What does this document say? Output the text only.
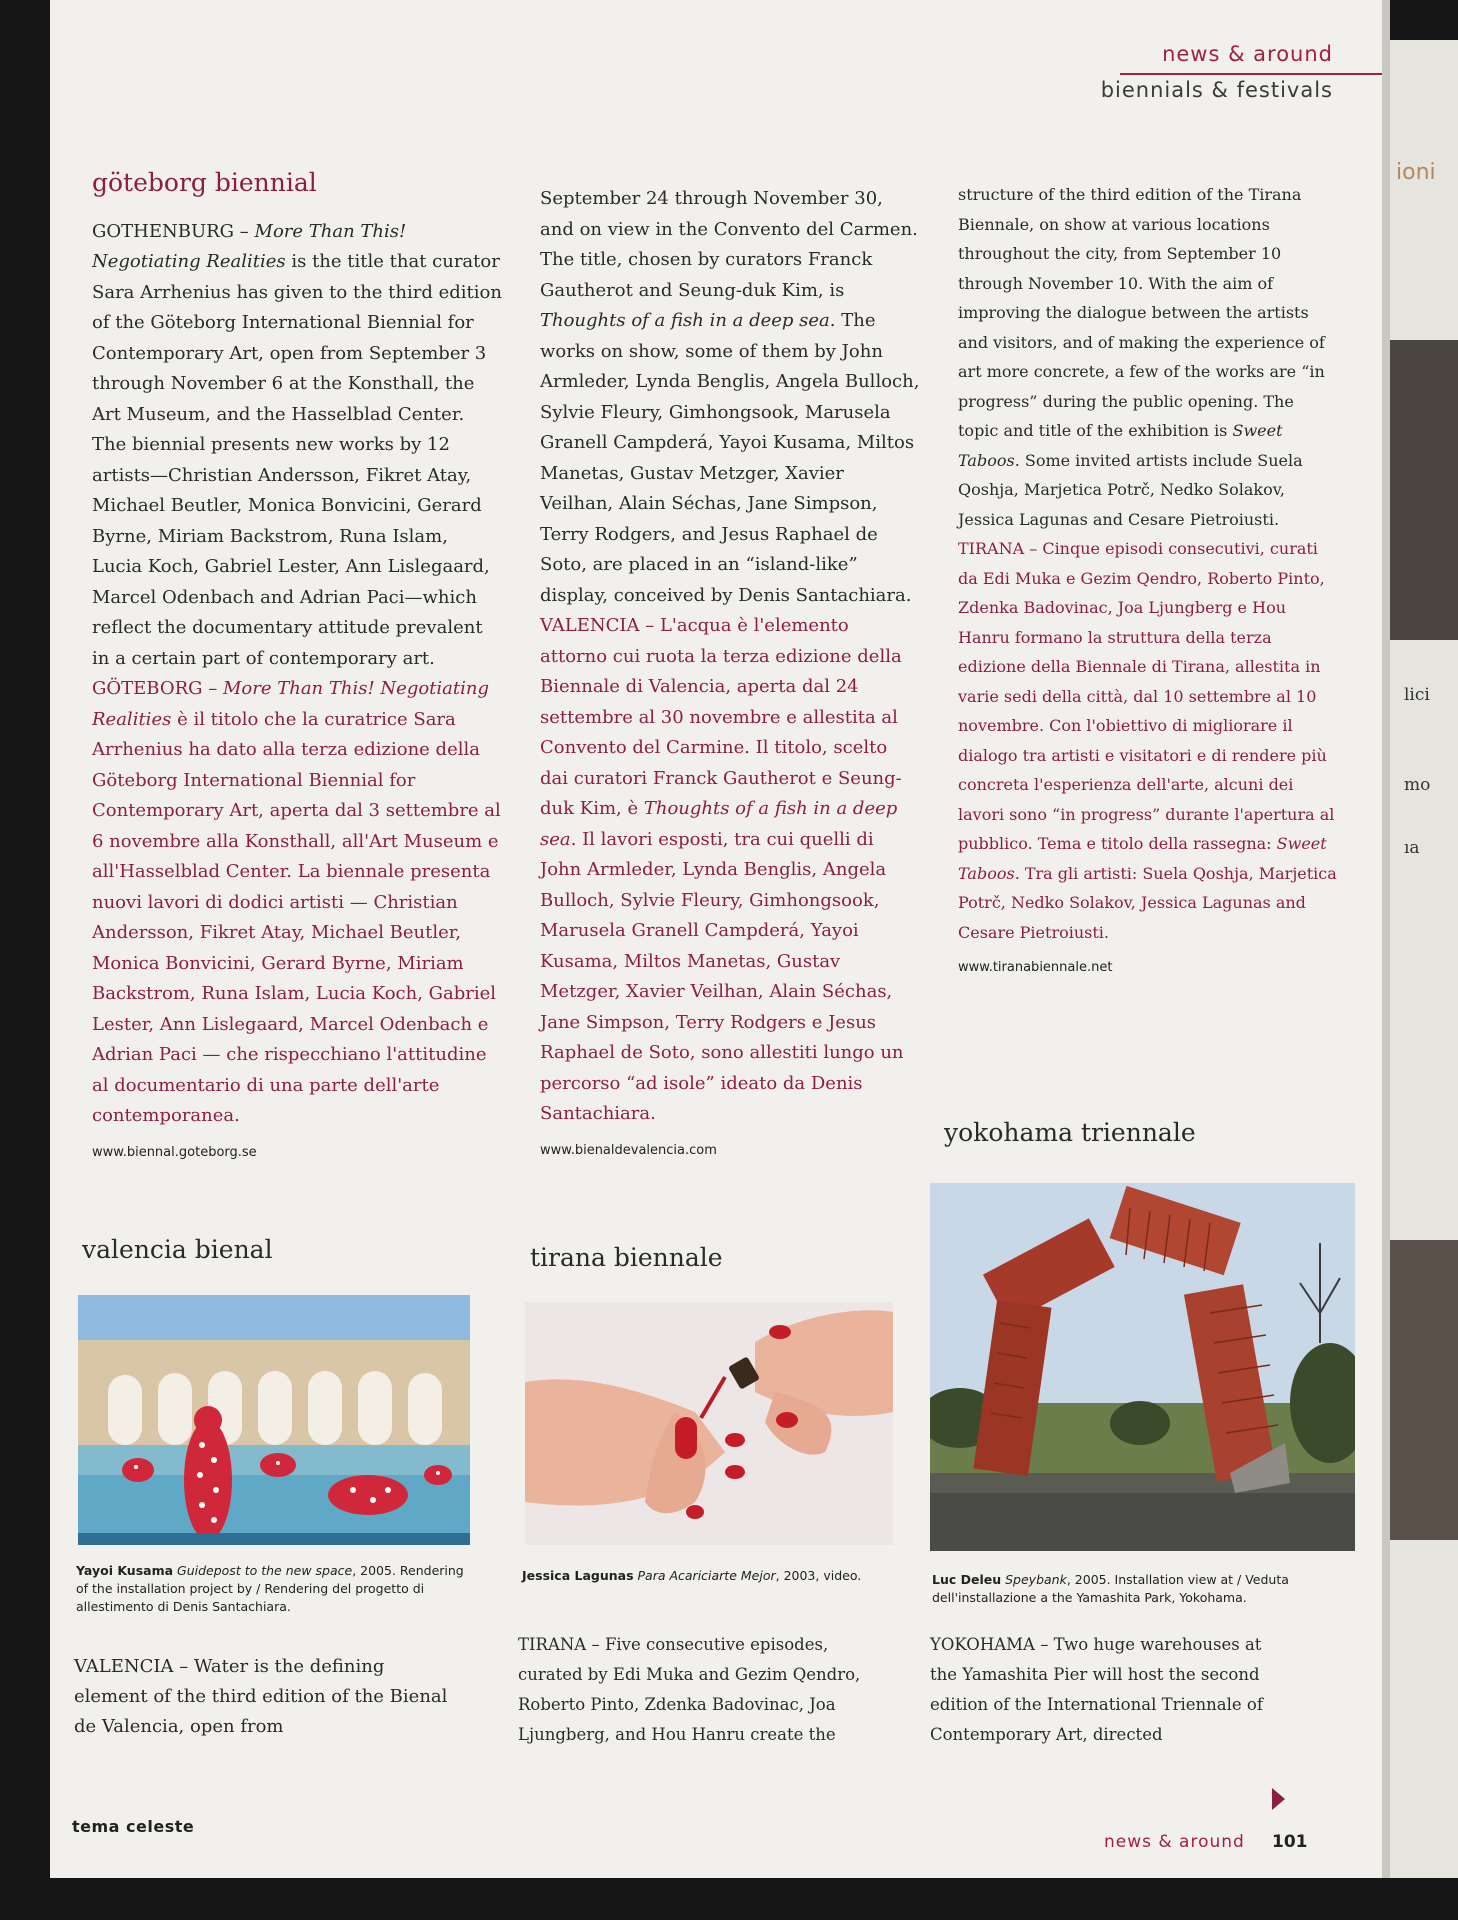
ioni
lici
mo
ıa
news & around
biennials & festivals
göteborg biennial

GOTHENBURG – More Than This! Negotiating Realities is the title that curator Sara Arrhenius has given to the third edition of the Göteborg International Biennial for Contemporary Art, open from September 3 through November 6 at the Konsthall, the Art Museum, and the Hasselblad Center. The biennial presents new works by 12 artists—Christian Andersson, Fikret Atay, Michael Beutler, Monica Bonvicini, Gerard Byrne, Miriam Backstrom, Runa Islam, Lucia Koch, Gabriel Lester, Ann Lislegaard, Marcel Odenbach and Adrian Paci—which reflect the documentary attitude prevalent in a certain part of contemporary art.

GÖTEBORG – More Than This! Negotiating Realities è il titolo che la curatrice Sara Arrhenius ha dato alla terza edizione della Göteborg International Biennial for Contemporary Art, aperta dal 3 settembre al 6 novembre alla Konsthall, all'Art Museum e all'Hasselblad Center. La biennale presenta nuovi lavori di dodici artisti — Christian Andersson, Fikret Atay, Michael Beutler, Monica Bonvicini, Gerard Byrne, Miriam Backstrom, Runa Islam, Lucia Koch, Gabriel Lester, Ann Lislegaard, Marcel Odenbach e Adrian Paci — che rispecchiano l'attitudine al documentario di una parte dell'arte contemporanea.

www.biennal.goteborg.se

September 24 through November 30, and on view in the Convento del Carmen. The title, chosen by curators Franck Gautherot and Seung-duk Kim, is Thoughts of a fish in a deep sea. The works on show, some of them by John Armleder, Lynda Benglis, Angela Bulloch, Sylvie Fleury, Gimhongsook, Marusela Granell Campderá, Yayoi Kusama, Miltos Manetas, Gustav Metzger, Xavier Veilhan, Alain Séchas, Jane Simpson, Terry Rodgers, and Jesus Raphael de Soto, are placed in an “island-like” display, conceived by Denis Santachiara.

VALENCIA – L'acqua è l'elemento attorno cui ruota la terza edizione della Biennale di Valencia, aperta dal 24 settembre al 30 novembre e allestita al Convento del Carmine. Il titolo, scelto dai curatori Franck Gautherot e Seung-duk Kim, è Thoughts of a fish in a deep sea. Il lavori esposti, tra cui quelli di John Armleder, Lynda Benglis, Angela Bulloch, Sylvie Fleury, Gimhongsook, Marusela Granell Campderá, Yayoi Kusama, Miltos Manetas, Gustav Metzger, Xavier Veilhan, Alain Séchas, Jane Simpson, Terry Rodgers e Jesus Raphael de Soto, sono allestiti lungo un percorso “ad isole” ideato da Denis Santachiara.

www.bienaldevalencia.com

structure of the third edition of the Tirana Biennale, on show at various locations throughout the city, from September 10 through November 10. With the aim of improving the dialogue between the artists and visitors, and of making the experience of art more concrete, a few of the works are “in progress” during the public opening. The topic and title of the exhibition is Sweet Taboos. Some invited artists include Suela Qoshja, Marjetica Potrč, Nedko Solakov, Jessica Lagunas and Cesare Pietroiusti.

TIRANA – Cinque episodi consecutivi, curati da Edi Muka e Gezim Qendro, Roberto Pinto, Zdenka Badovinac, Joa Ljungberg e Hou Hanru formano la struttura della terza edizione della Biennale di Tirana, allestita in varie sedi della città, dal 10 settembre al 10 novembre. Con l'obiettivo di migliorare il dialogo tra artisti e visitatori e di rendere più concreta l'esperienza dell'arte, alcuni dei lavori sono “in progress” durante l'apertura al pubblico. Tema e titolo della rassegna: Sweet Taboos. Tra gli artisti: Suela Qoshja, Marjetica Potrč, Nedko Solakov, Jessica Lagunas and Cesare Pietroiusti.

www.tiranabiennale.net
valencia bienal	tirana biennale
yokohama triennale
Yayoi Kusama Guidepost to the new space, 2005. Rendering of the installation project by / Rendering del progetto di allestimento di Denis Santachiara.
Jessica Lagunas Para Acariciarte Mejor, 2003, video.	Luc Deleu Speybank, 2005. Installation view at / Veduta dell'installazione a the Yamashita Park, Yokohama.
VALENCIA – Water is the defining element of the third edition of the Bienal de Valencia, open from
TIRANA – Five consecutive episodes, curated by Edi Muka and Gezim Qendro, Roberto Pinto, Zdenka Badovinac, Joa Ljungberg, and Hou Hanru create the
YOKOHAMA – Two huge warehouses at the Yamashita Pier will host the second edition of the International Triennale of Contemporary Art, directed
tema celeste
news & around 101
